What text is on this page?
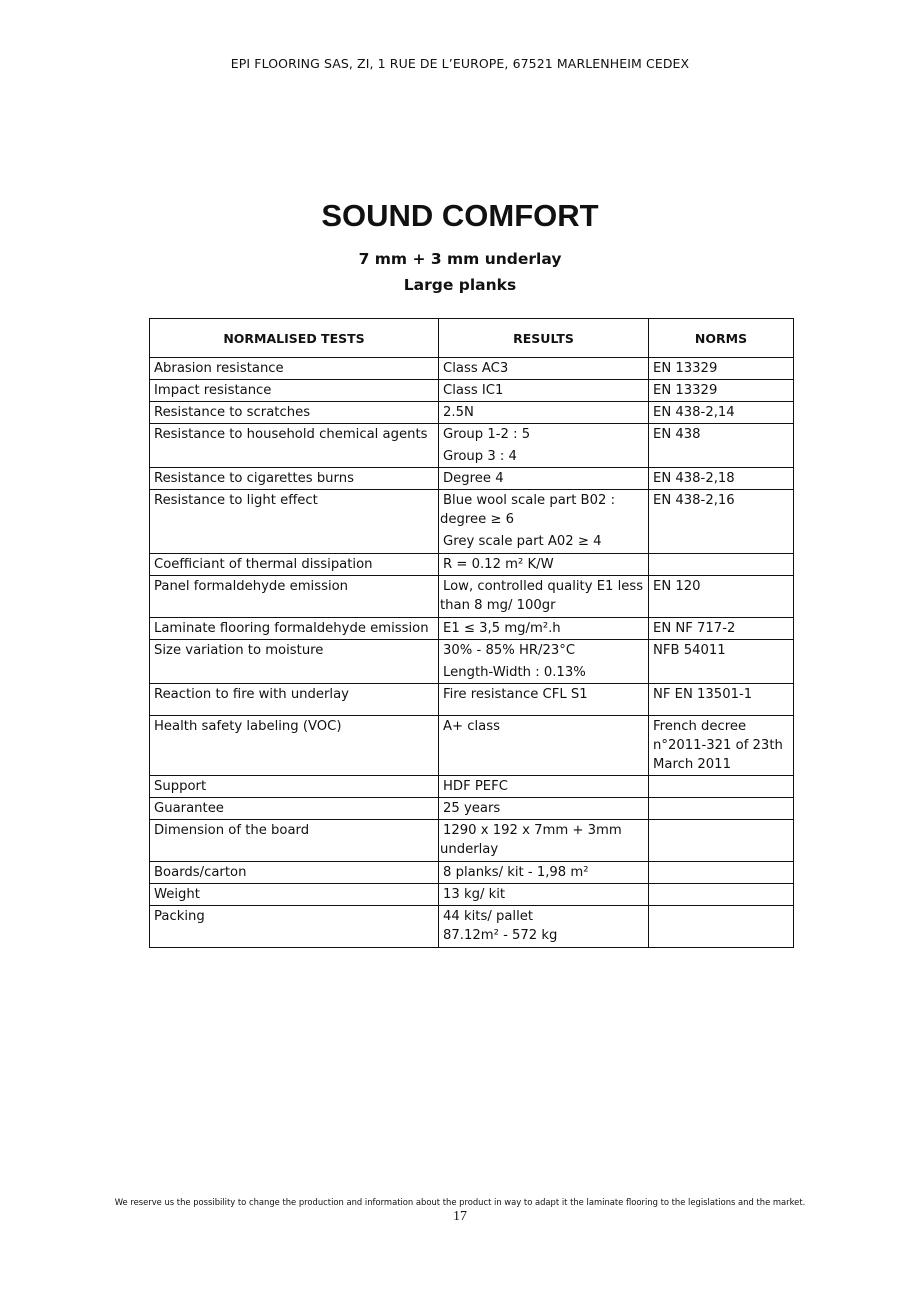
EPI FLOORING SAS, ZI, 1 RUE DE L’EUROPE, 67521 MARLENHEIM CEDEX
SOUND COMFORT
7 mm + 3 mm underlay
Large planks
NORMALISED TESTS	RESULTS	NORMS
Abrasion resistance	Class AC3	EN 13329

Impact resistance	Class IC1	EN 13329

Resistance to scratches	2.5N	EN 438-2,14

Resistance to household chemical agents	Group 1-2 : 5
Group 3 : 4	EN 438

Resistance to cigarettes burns	Degree 4	EN 438-2,18

Resistance to light effect	Blue wool scale part B02 :
degree ≥ 6
Grey scale part A02 ≥ 4	EN 438-2,16

Coefficiant of thermal dissipation	R = 0.12 m² K/W	

Panel formaldehyde emission	Low, controlled quality E1 less
than 8 mg/ 100gr	EN 120

Laminate flooring formaldehyde emission	E1 ≤ 3,5 mg/m².h	EN NF 717-2

Size variation to moisture	30% - 85% HR/23°C
Length-Width : 0.13%	NFB 54011

Reaction to fire with underlay	Fire resistance CFL S1	NF EN 13501-1

Health safety labeling (VOC)	A+ class	French decree
n°2011-321 of 23th
March 2011

Support	HDF PEFC	

Guarantee	25 years	

Dimension of the board	1290 x 192 x 7mm + 3mm
underlay	

Boards/carton	8 planks/ kit - 1,98 m²	

Weight	13 kg/ kit	

Packing	44 kits/ pallet
87.12m² - 572 kg	

We reserve us the possibility to change the production and information about the product in way to adapt it the laminate flooring to the legislations and the market.
17
